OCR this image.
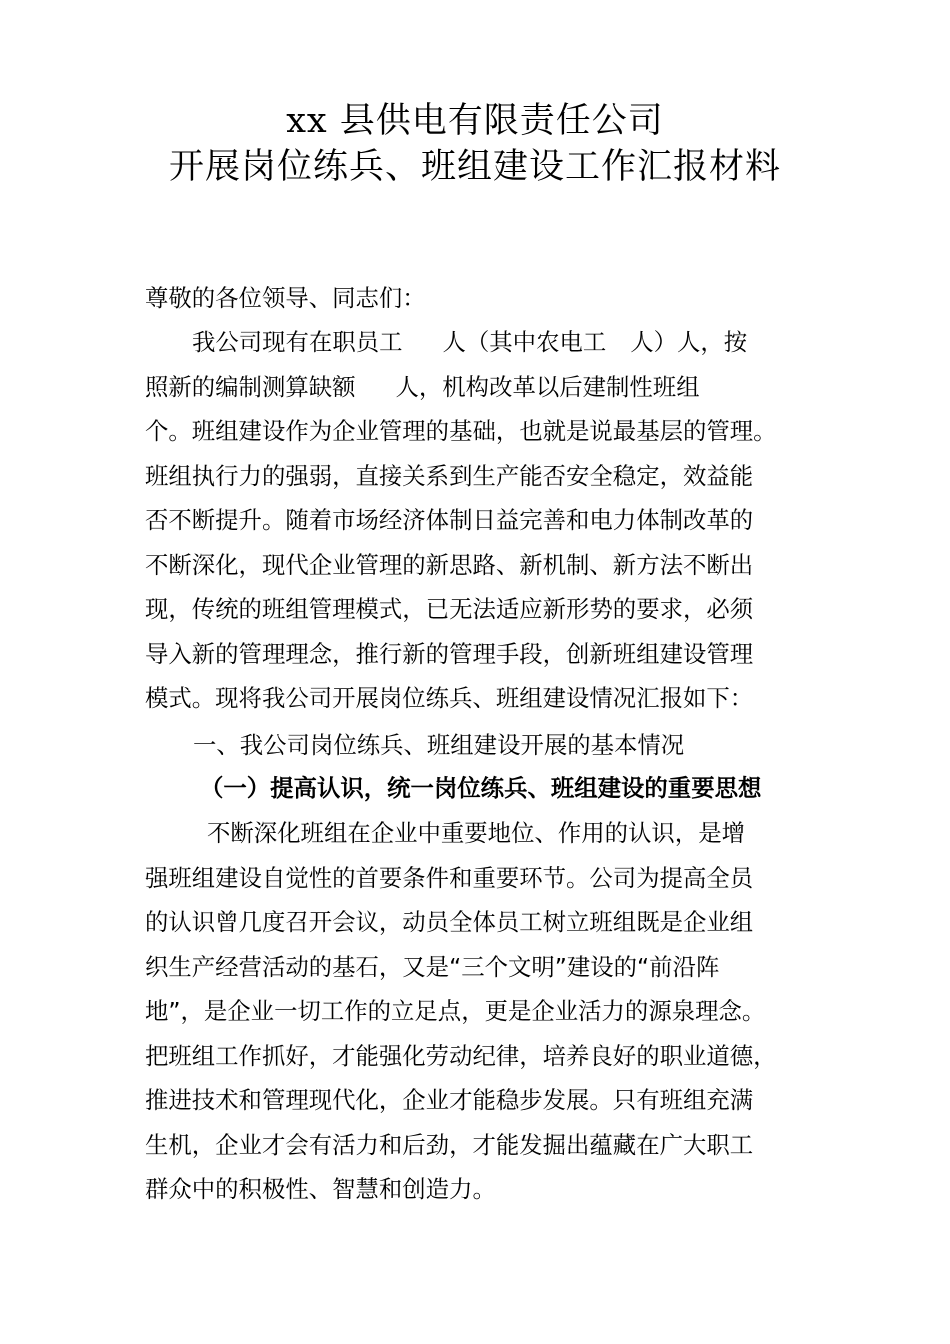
xx 县供电有限责任公司
开展岗位练兵、班组建设工作汇报材料
尊敬的各位领导、同志们：
我公司现有在职员工 人（其中农电工 人）人，按
照新的编制测算缺额 人，机构改革以后建制性班组
个。班组建设作为企业管理的基础，也就是说最基层的管理。
班组执行力的强弱，直接关系到生产能否安全稳定，效益能
否不断提升。随着市场经济体制日益完善和电力体制改革的
不断深化，现代企业管理的新思路、新机制、新方法不断出
现，传统的班组管理模式，已无法适应新形势的要求，必须
导入新的管理理念，推行新的管理手段，创新班组建设管理
模式。现将我公司开展岗位练兵、班组建设情况汇报如下：
一、我公司岗位练兵、班组建设开展的基本情况
（一）提高认识，统一岗位练兵、班组建设的重要思想
不断深化班组在企业中重要地位、作用的认识，是增
强班组建设自觉性的首要条件和重要环节。公司为提高全员
的认识曾几度召开会议，动员全体员工树立班组既是企业组
织生产经营活动的基石，又是“三个文明”建设的“前沿阵
地”，是企业一切工作的立足点，更是企业活力的源泉理念。
把班组工作抓好，才能强化劳动纪律，培养良好的职业道德，
推进技术和管理现代化，企业才能稳步发展。只有班组充满
生机，企业才会有活力和后劲，才能发掘出蕴藏在广大职工
群众中的积极性、智慧和创造力。
